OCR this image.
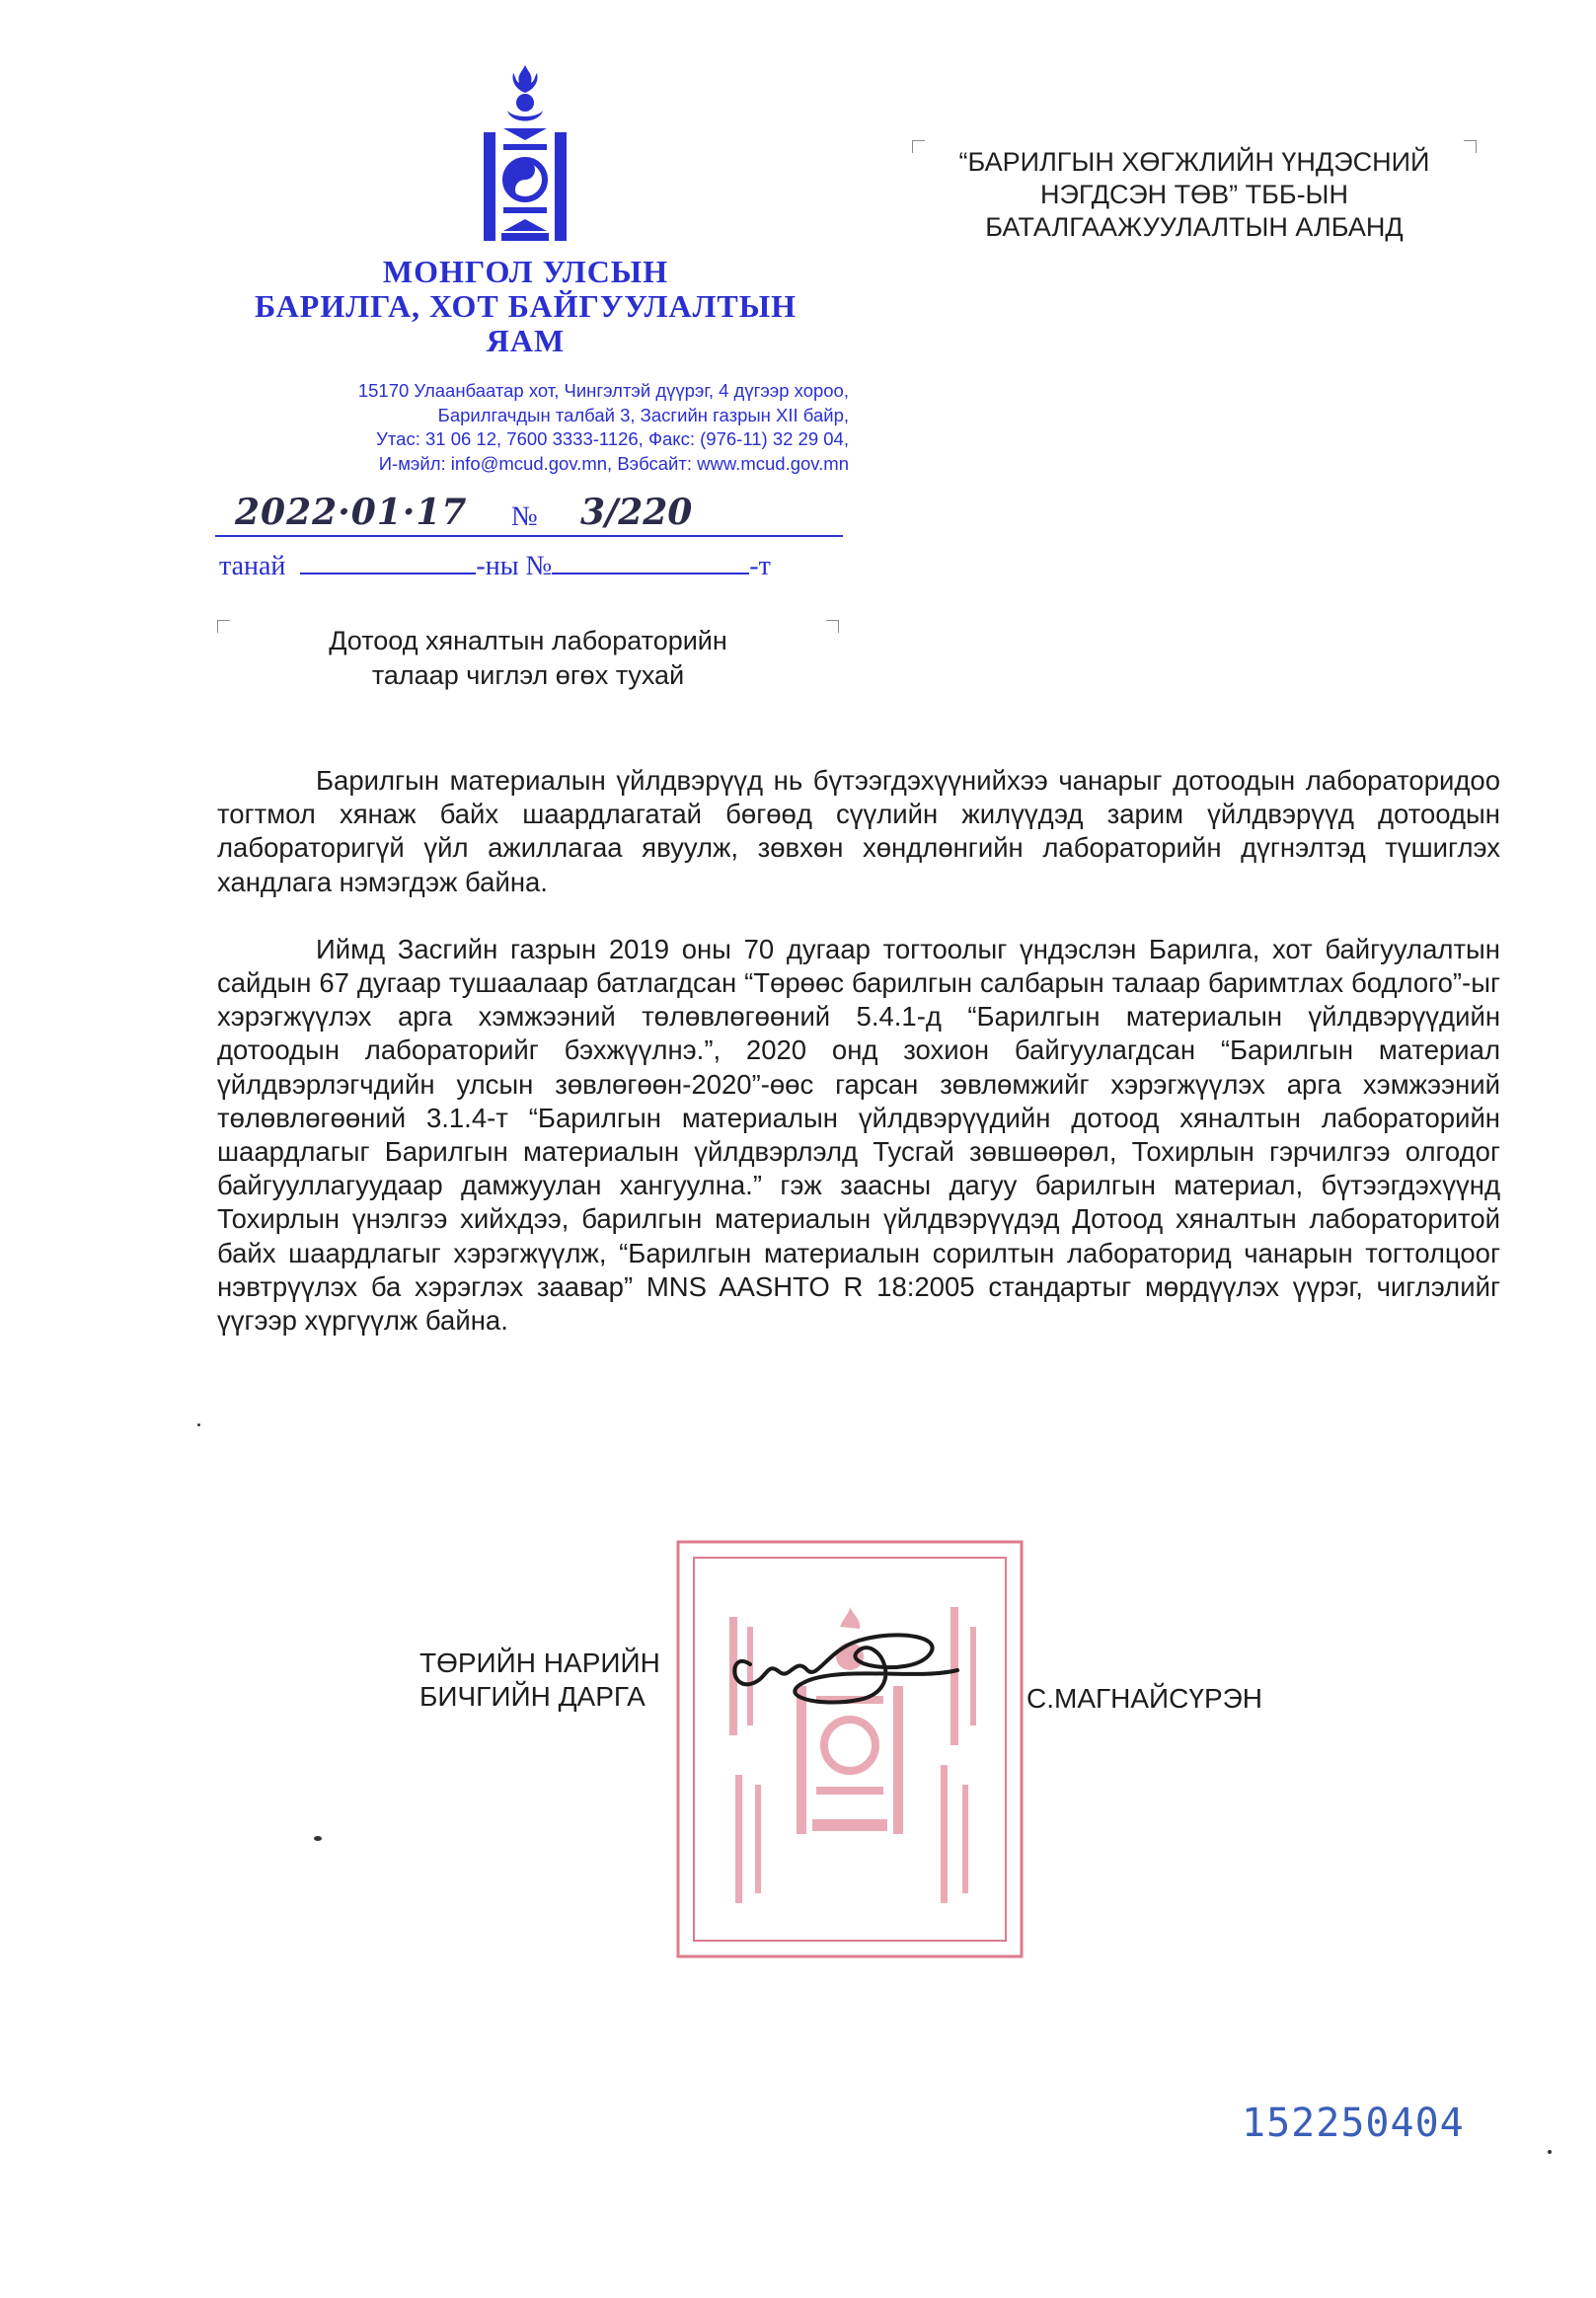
МОНГОЛ УЛСЫН
БАРИЛГА, ХОТ БАЙГУУЛАЛТЫН
ЯАМ
15170 Улаанбаатар хот, Чингэлтэй дүүрэг, 4 дүгээр хороо,
Барилгачдын талбай 3, Засгийн газрын XII байр,
Утас: 31 06 12, 7600 3333-1126, Факс: (976-11) 32 29 04,
И-мэйл: info@mcud.gov.mn, Вэбсайт: www.mcud.gov.mn
“БАРИЛГЫН ХӨГЖЛИЙН ҮНДЭСНИЙ
НЭГДСЭН ТӨВ” ТББ-ЫН
БАТАЛГААЖУУЛАЛТЫН АЛБАНД
2022·01·17 № 3/220
танай	-ны №	-т
Дотоод хяналтын лабораторийн
талаар чиглэл өгөх тухай

Барилгын материалын үйлдвэрүүд нь бүтээгдэхүүнийхээ чанарыг дотоодын лабораторидоо тогтмол хянаж байх шаардлагатай бөгөөд сүүлийн жилүүдэд зарим үйлдвэрүүд дотоодын лабораторигүй үйл ажиллагаа явуулж, зөвхөн хөндлөнгийн лабораторийн дүгнэлтэд түшиглэх хандлага нэмэгдэж байна.

Иймд Засгийн газрын 2019 оны 70 дугаар тогтоолыг үндэслэн Барилга, хот байгуулалтын сайдын 67 дугаар тушаалаар батлагдсан “Төрөөс барилгын салбарын талаар баримтлах бодлого”-ыг хэрэгжүүлэх арга хэмжээний төлөвлөгөөний 5.4.1-д “Барилгын материалын үйлдвэрүүдийн дотоодын лабораторийг бэхжүүлнэ.”, 2020 онд зохион байгуулагдсан “Барилгын материал үйлдвэрлэгчдийн улсын зөвлөгөөн-2020”-өөс гарсан зөвлөмжийг хэрэгжүүлэх арга хэмжээний төлөвлөгөөний 3.1.4-т “Барилгын материалын үйлдвэрүүдийн дотоод хяналтын лабораторийн шаардлагыг Барилгын материалын үйлдвэрлэлд Тусгай зөвшөөрөл, Тохирлын гэрчилгээ олгодог байгууллагуудаар дамжуулан хангуулна.” гэж заасны дагуу барилгын материал, бүтээгдэхүүнд Тохирлын үнэлгээ хийхдээ, барилгын материалын үйлдвэрүүдэд Дотоод хяналтын лабораторитой байх шаардлагыг хэрэгжүүлж, “Барилгын материалын сорилтын лабораторид чанарын тогтолцоог нэвтрүүлэх ба хэрэглэх заавар” MNS AASHTO R 18:2005 стандартыг мөрдүүлэх үүрэг, чиглэлийг үүгээр хүргүүлж байна.

ТӨРИЙН НАРИЙН
БИЧГИЙН ДАРГА	С.МАГНАЙСҮРЭН
152250404
